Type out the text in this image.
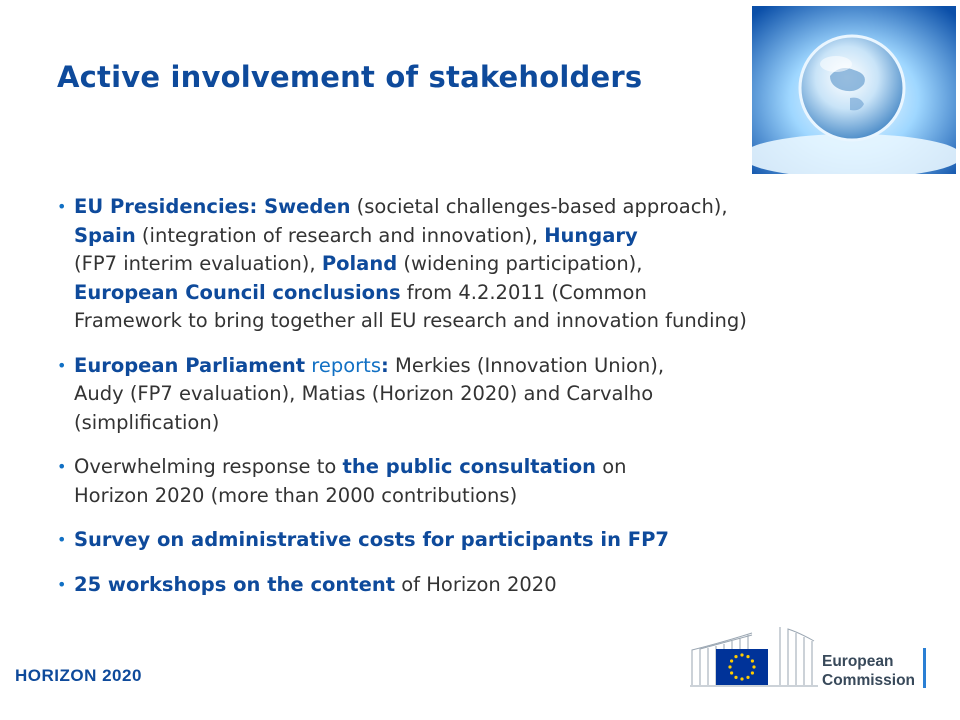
Active involvement of stakeholders
• EU Presidencies: Sweden (societal challenges-based approach),
Spain (integration of research and innovation), Hungary
(FP7 interim evaluation), Poland (widening participation),
European Council conclusions from 4.2.2011 (Common
Framework to bring together all EU research and innovation funding)
• European Parliament reports: Merkies (Innovation Union),
Audy (FP7 evaluation), Matias (Horizon 2020) and Carvalho
(simplification)
• Overwhelming response to the public consultation on
Horizon 2020 (more than 2000 contributions)
• Survey on administrative costs for participants in FP7
• 25 workshops on the content of Horizon 2020
HORIZON 2020
European
Commission
